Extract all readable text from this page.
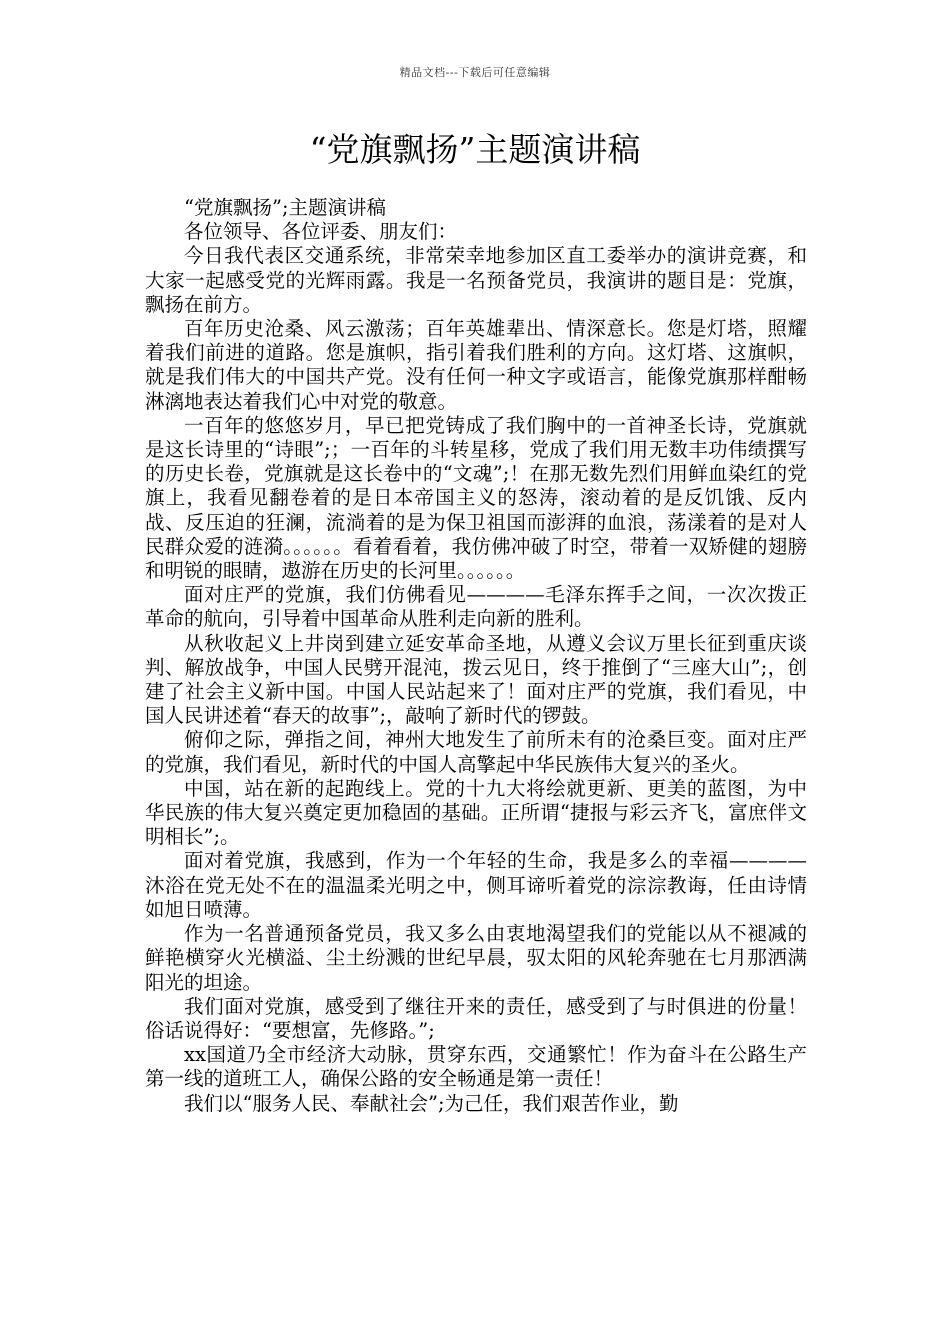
精品文档---下载后可任意编辑
“党旗飘扬”主题演讲稿

“党旗飘扬”;主题演讲稿

各位领导、各位评委、朋友们：

今日我代表区交通系统，非常荣幸地参加区直工委举办的演讲竞赛，和大家一起感受党的光辉雨露。我是一名预备党员，我演讲的题目是：党旗，飘扬在前方。

百年历史沧桑、风云激荡；百年英雄辈出、情深意长。您是灯塔，照耀着我们前进的道路。您是旗帜，指引着我们胜利的方向。这灯塔、这旗帜，就是我们伟大的中国共产党。没有任何一种文字或语言，能像党旗那样酣畅淋漓地表达着我们心中对党的敬意。

一百年的悠悠岁月，早已把党铸成了我们胸中的一首神圣长诗，党旗就是这长诗里的“诗眼”;；一百年的斗转星移，党成了我们用无数丰功伟绩撰写的历史长卷，党旗就是这长卷中的“文魂”;！在那无数先烈们用鲜血染红的党旗上，我看见翻卷着的是日本帝国主义的怒涛，滚动着的是反饥饿、反内战、反压迫的狂澜，流淌着的是为保卫祖国而澎湃的血浪，荡漾着的是对人民群众爱的涟漪。。。。。。看着看着，我仿佛冲破了时空，带着一双矫健的翅膀和明锐的眼睛，遨游在历史的长河里。。。。。。

面对庄严的党旗，我们仿佛看见————毛泽东挥手之间，一次次拨正革命的航向，引导着中国革命从胜利走向新的胜利。

从秋收起义上井岗到建立延安革命圣地，从遵义会议万里长征到重庆谈判、解放战争，中国人民劈开混沌，拨云见日，终于推倒了“三座大山”;，创建了社会主义新中国。中国人民站起来了！面对庄严的党旗，我们看见，中国人民讲述着“春天的故事”;，敲响了新时代的锣鼓。

俯仰之际，弹指之间，神州大地发生了前所未有的沧桑巨变。面对庄严的党旗，我们看见，新时代的中国人高擎起中华民族伟大复兴的圣火。

中国，站在新的起跑线上。党的十九大将绘就更新、更美的蓝图，为中华民族的伟大复兴奠定更加稳固的基础。正所谓“捷报与彩云齐飞，富庶伴文明相长”;。

面对着党旗，我感到，作为一个年轻的生命，我是多么的幸福————沐浴在党无处不在的温温柔光明之中，侧耳谛听着党的淙淙教诲，任由诗情如旭日喷薄。

作为一名普通预备党员，我又多么由衷地渴望我们的党能以从不褪减的鲜艳横穿火光横溢、尘土纷溅的世纪早晨，驭太阳的风轮奔驰在七月那洒满阳光的坦途。

我们面对党旗，感受到了继往开来的责任，感受到了与时俱进的份量！俗话说得好：“要想富，先修路。”;

xx国道乃全市经济大动脉，贯穿东西，交通繁忙！作为奋斗在公路生产第一线的道班工人，确保公路的安全畅通是第一责任！

我们以“服务人民、奉献社会”;为己任，我们艰苦作业，勤
